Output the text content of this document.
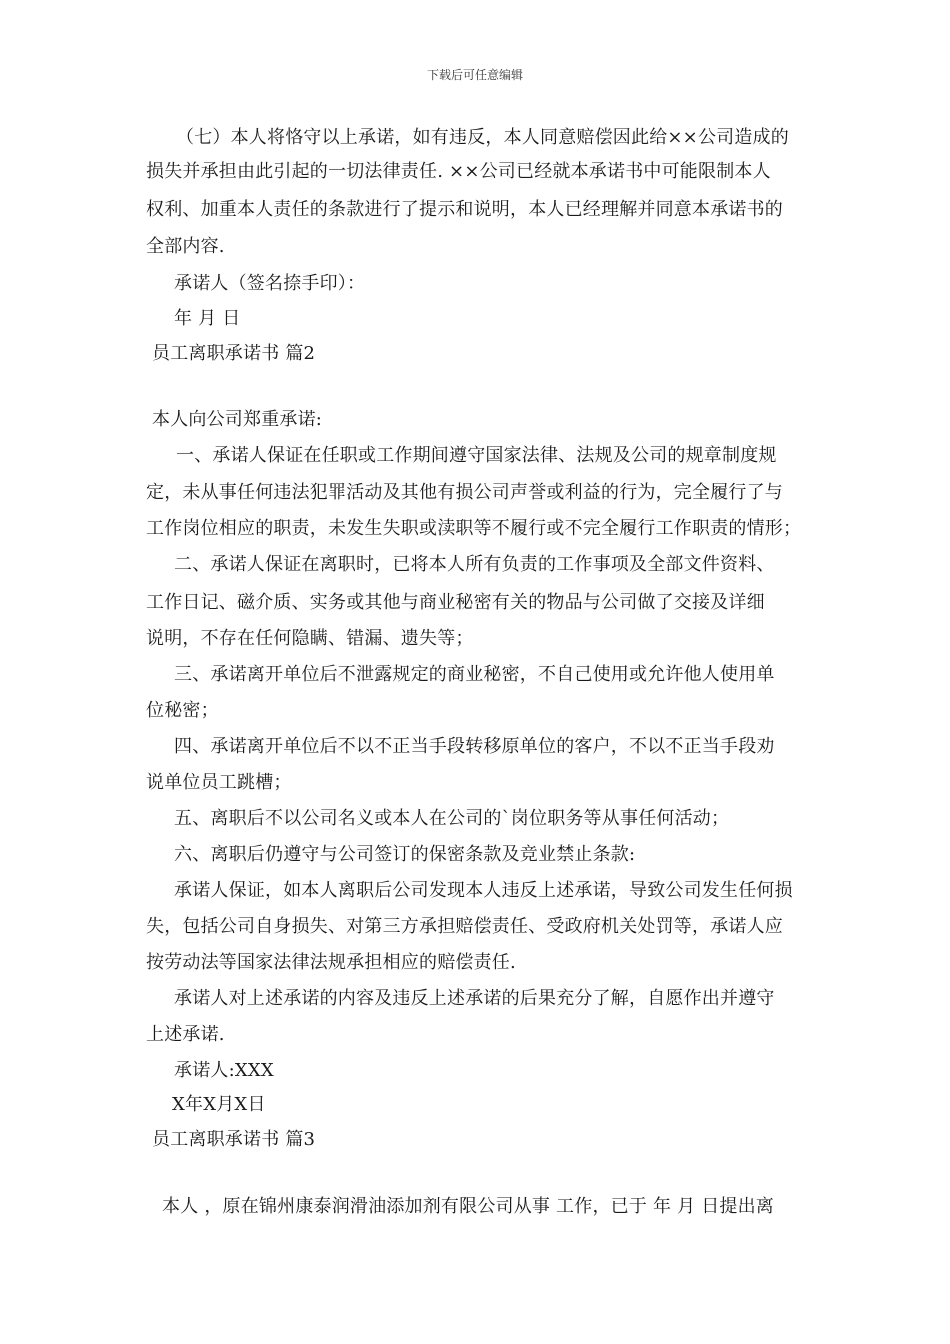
下载后可任意编辑
（七）本人将恪守以上承诺，如有违反，本人同意赔偿因此给××公司造成的
损失并承担由此引起的一切法律责任. ××公司已经就本承诺书中可能限制本人
权利、加重本人责任的条款进行了提示和说明，本人已经理解并同意本承诺书的
全部内容.
承诺人（签名捺手印）：
年 月 日
员工离职承诺书 篇2
本人向公司郑重承诺:
一、承诺人保证在任职或工作期间遵守国家法律、法规及公司的规章制度规
定，未从事任何违法犯罪活动及其他有损公司声誉或利益的行为，完全履行了与
工作岗位相应的职责，未发生失职或渎职等不履行或不完全履行工作职责的情形；
二、承诺人保证在离职时，已将本人所有负责的工作事项及全部文件资料、
工作日记、磁介质、实务或其他与商业秘密有关的物品与公司做了交接及详细
说明，不存在任何隐瞒、错漏、遗失等；
三、承诺离开单位后不泄露规定的商业秘密，不自己使用或允许他人使用单
位秘密；
四、承诺离开单位后不以不正当手段转移原单位的客户，不以不正当手段劝
说单位员工跳槽；
五、离职后不以公司名义或本人在公司的`岗位职务等从事任何活动；
六、离职后仍遵守与公司签订的保密条款及竞业禁止条款:
承诺人保证，如本人离职后公司发现本人违反上述承诺，导致公司发生任何损
失，包括公司自身损失、对第三方承担赔偿责任、受政府机关处罚等，承诺人应
按劳动法等国家法律法规承担相应的赔偿责任.
承诺人对上述承诺的内容及违反上述承诺的后果充分了解，自愿作出并遵守
上述承诺.
承诺人:XXX
X年X月X日
员工离职承诺书 篇3
本人 ，原在锦州康泰润滑油添加剂有限公司从事 工作，已于 年 月 日提出离
